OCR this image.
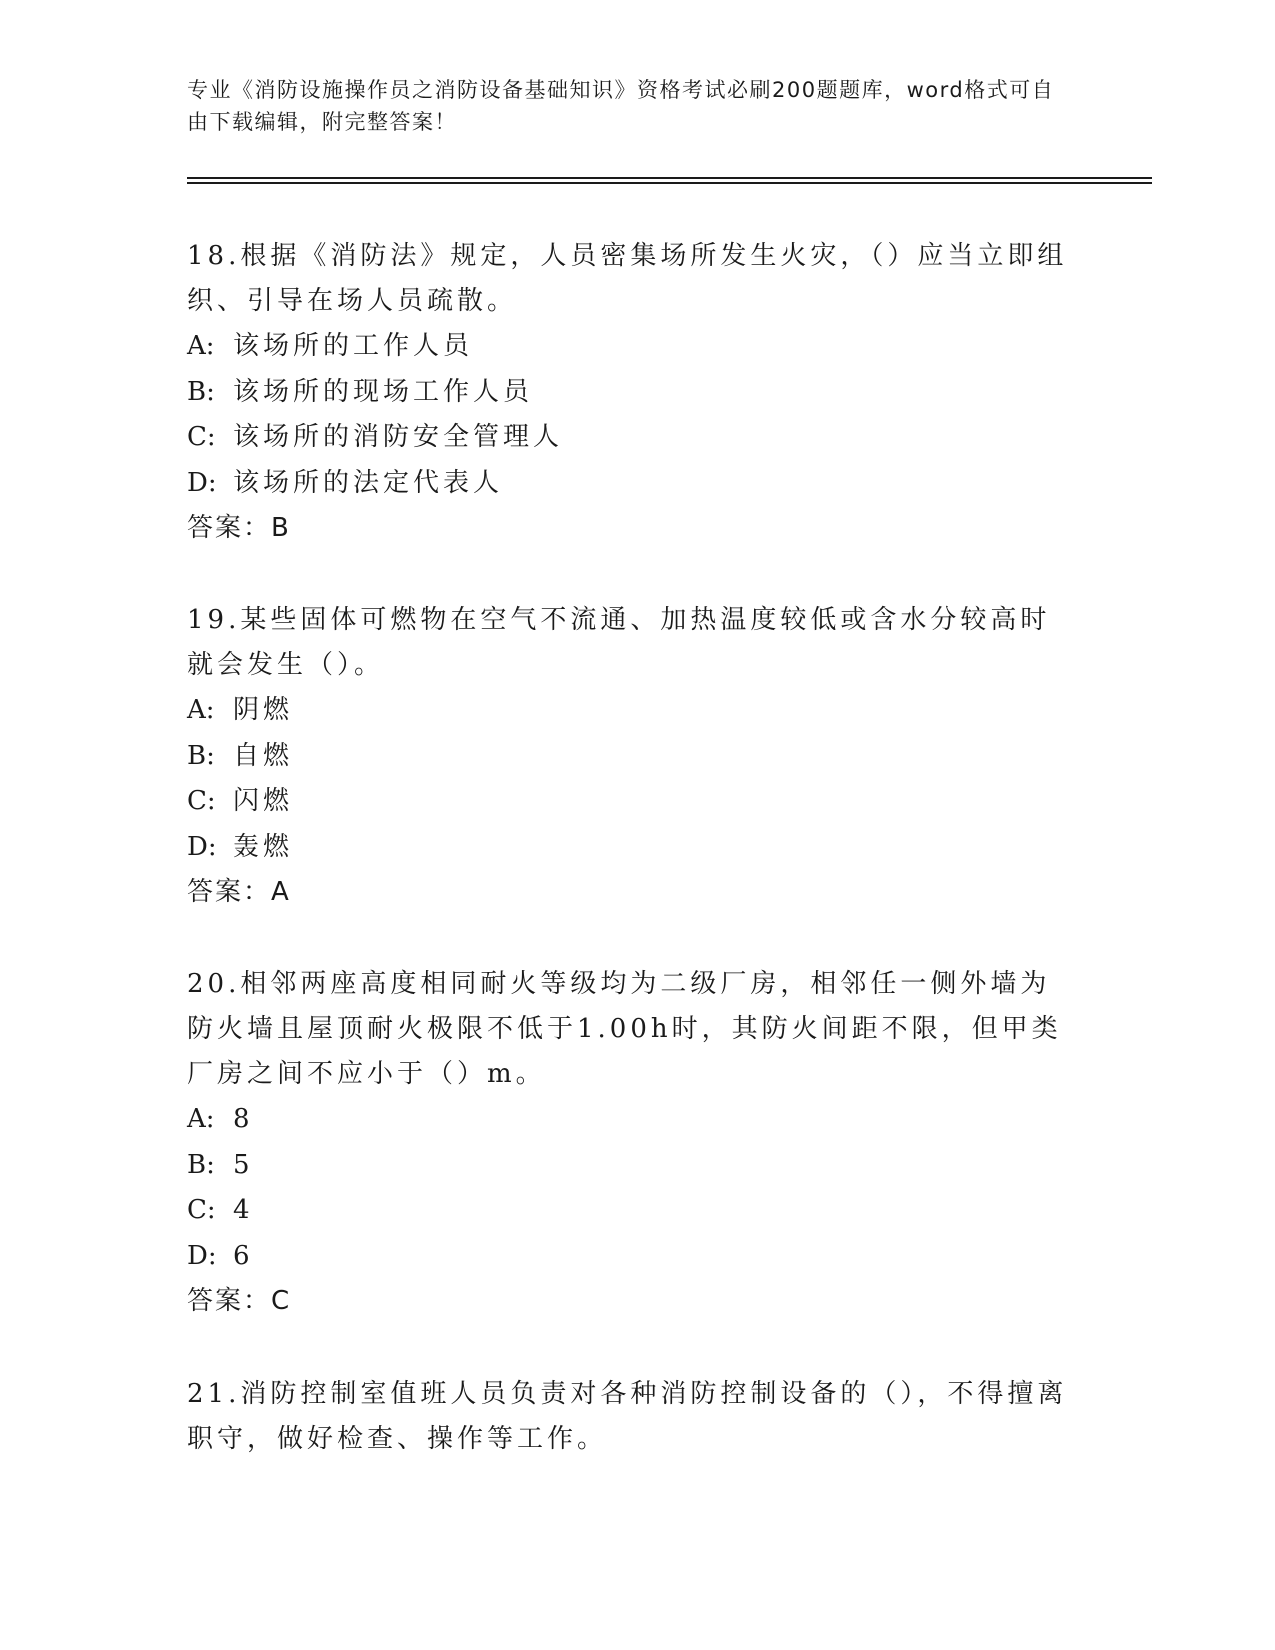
专业《消防设施操作员之消防设备基础知识》资格考试必刷200题题库，word格式可自由下载编辑，附完整答案！

18.根据《消防法》规定，人员密集场所发生火灾，（）应当立即组织、引导在场人员疏散。

A: 该场所的工作人员

B: 该场所的现场工作人员

C: 该场所的消防安全管理人

D: 该场所的法定代表人

答案：B

19.某些固体可燃物在空气不流通、加热温度较低或含水分较高时就会发生（）。

A: 阴燃

B: 自燃

C: 闪燃

D: 轰燃

答案：A

20.相邻两座高度相同耐火等级均为二级厂房，相邻任一侧外墙为防火墙且屋顶耐火极限不低于1.00h时，其防火间距不限，但甲类厂房之间不应小于（）m。

A: 8

B: 5

C: 4

D: 6

答案：C

21.消防控制室值班人员负责对各种消防控制设备的（），不得擅离职守，做好检查、操作等工作。
